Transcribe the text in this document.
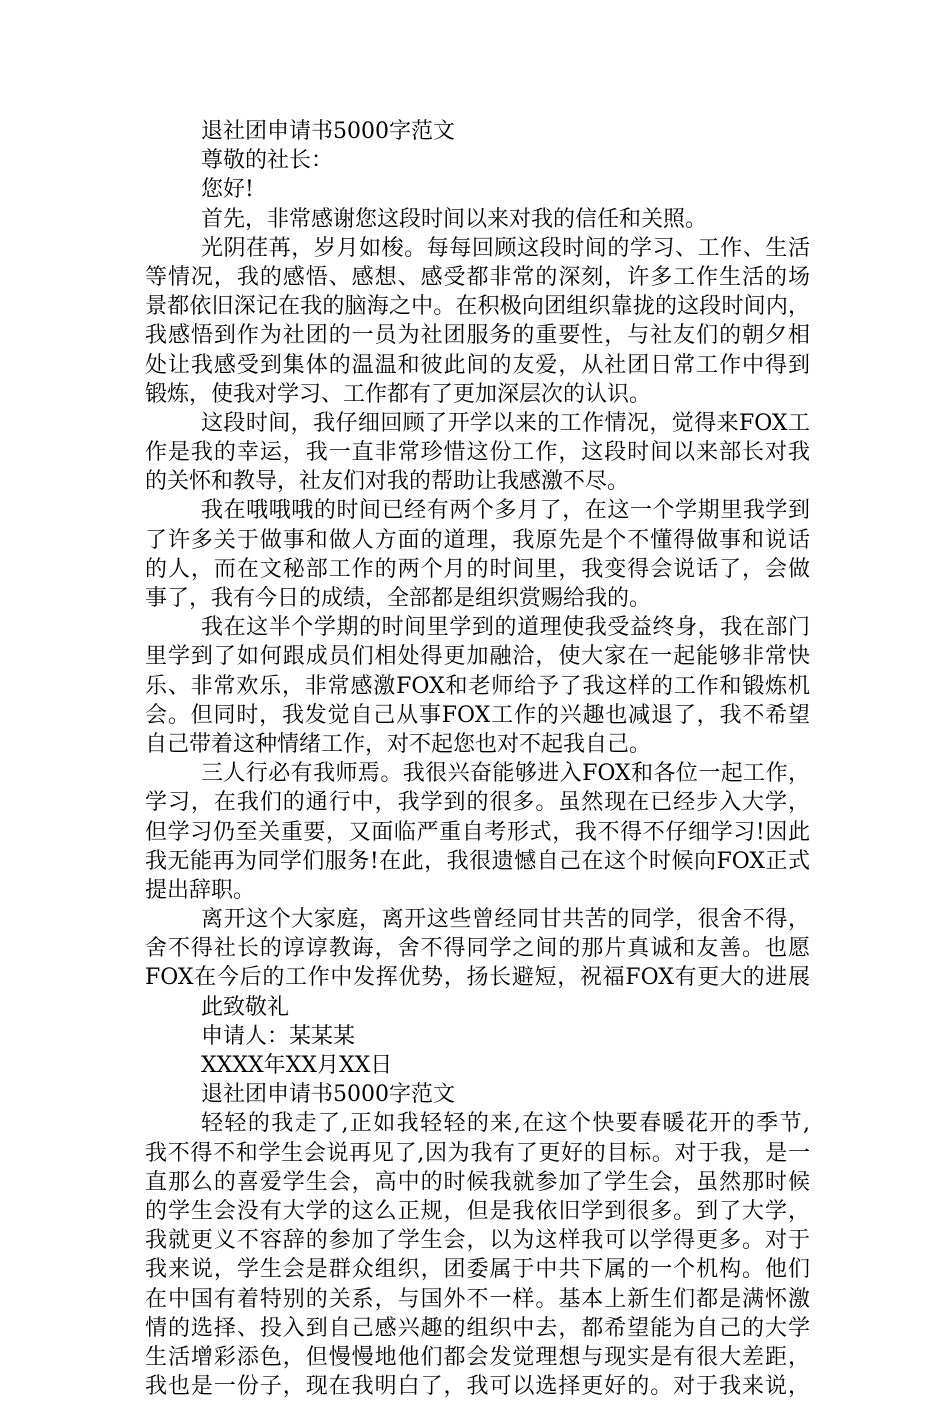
退社团申请书5000字范文
尊敬的社长：
您好!
首先，非常感谢您这段时间以来对我的信任和关照。
光阴荏苒，岁月如梭。每每回顾这段时间的学习、工作、生活
等情况，我的感悟、感想、感受都非常的深刻，许多工作生活的场
景都依旧深记在我的脑海之中。在积极向团组织靠拢的这段时间内，
我感悟到作为社团的一员为社团服务的重要性，与社友们的朝夕相
处让我感受到集体的温温和彼此间的友爱，从社团日常工作中得到
锻炼，使我对学习、工作都有了更加深层次的认识。
这段时间，我仔细回顾了开学以来的工作情况，觉得来FOX工
作是我的幸运，我一直非常珍惜这份工作，这段时间以来部长对我
的关怀和教导，社友们对我的帮助让我感激不尽。
我在哦哦哦的时间已经有两个多月了，在这一个学期里我学到
了许多关于做事和做人方面的道理，我原先是个不懂得做事和说话
的人，而在文秘部工作的两个月的时间里，我变得会说话了，会做
事了，我有今日的成绩，全部都是组织赏赐给我的。
我在这半个学期的时间里学到的道理使我受益终身，我在部门
里学到了如何跟成员们相处得更加融洽，使大家在一起能够非常快
乐、非常欢乐，非常感激FOX和老师给予了我这样的工作和锻炼机
会。但同时，我发觉自己从事FOX工作的兴趣也减退了，我不希望
自己带着这种情绪工作，对不起您也对不起我自己。
三人行必有我师焉。我很兴奋能够进入FOX和各位一起工作，
学习，在我们的通行中，我学到的很多。虽然现在已经步入大学，
但学习仍至关重要，又面临严重自考形式，我不得不仔细学习!因此
我无能再为同学们服务!在此，我很遗憾自己在这个时候向FOX正式
提出辞职。
离开这个大家庭，离开这些曾经同甘共苦的同学，很舍不得，
舍不得社长的谆谆教诲，舍不得同学之间的那片真诚和友善。也愿
FOX在今后的工作中发挥优势，扬长避短，祝福FOX有更大的进展
此致敬礼
申请人：某某某
XXXX年XX月XX日
退社团申请书5000字范文
轻轻的我走了,正如我轻轻的来,在这个快要春暖花开的季节,
我不得不和学生会说再见了,因为我有了更好的目标。对于我，是一
直那么的喜爱学生会，高中的时候我就参加了学生会，虽然那时候
的学生会没有大学的这么正规，但是我依旧学到很多。到了大学，
我就更义不容辞的参加了学生会，以为这样我可以学得更多。对于
我来说，学生会是群众组织，团委属于中共下属的一个机构。他们
在中国有着特别的关系，与国外不一样。基本上新生们都是满怀激
情的选择、投入到自己感兴趣的组织中去，都希望能为自己的大学
生活增彩添色，但慢慢地他们都会发觉理想与现实是有很大差距，
我也是一份子，现在我明白了，我可以选择更好的。对于我来说，
